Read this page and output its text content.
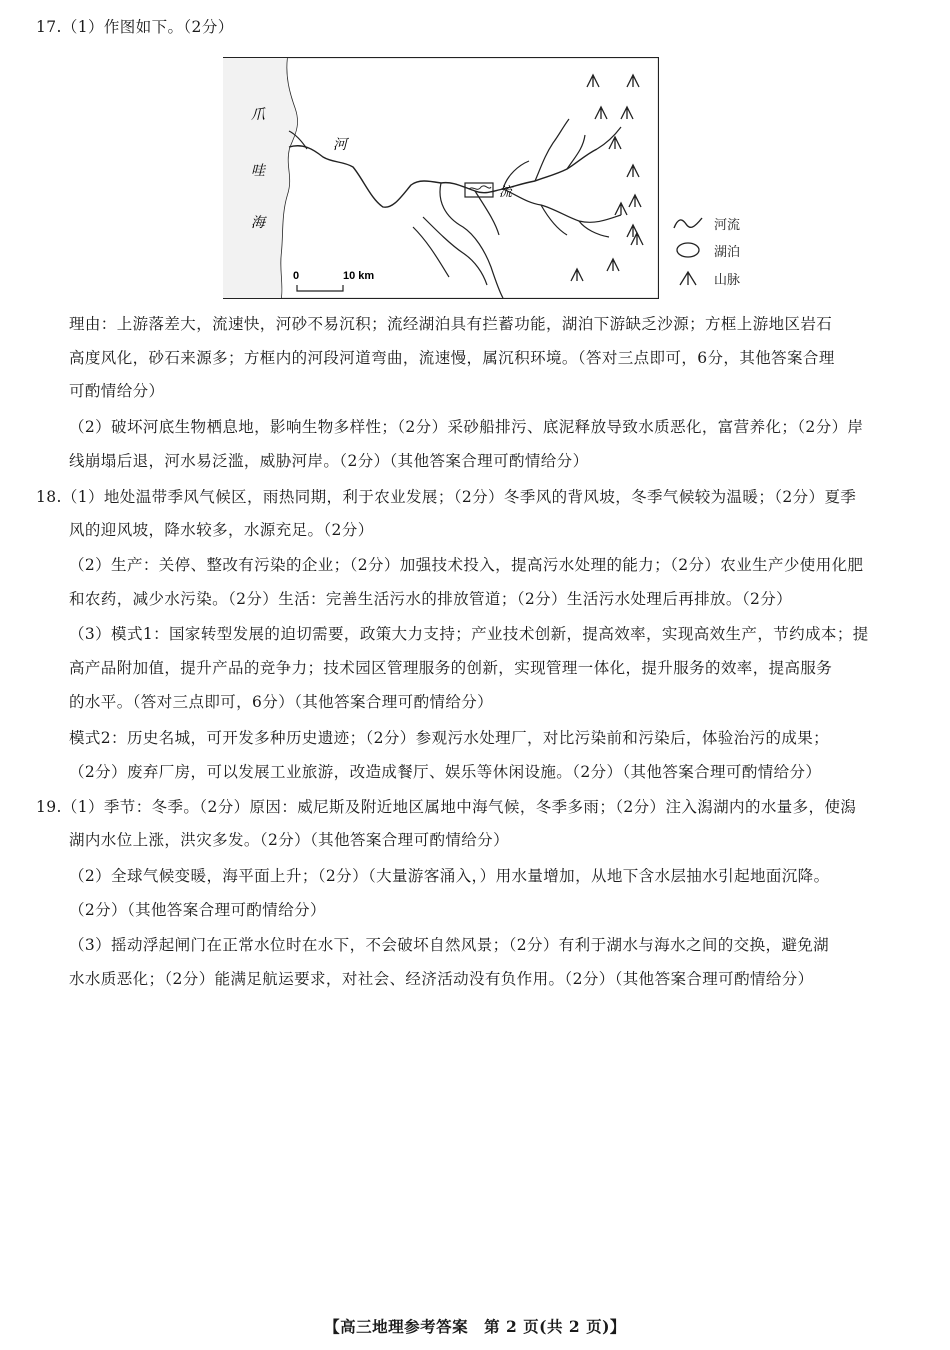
17.（1）作图如下。（2分）
爪
哇
海
河
流
0	10 km
河流
湖泊
山脉
理由：上游落差大，流速快，河砂不易沉积；流经湖泊具有拦蓄功能，湖泊下游缺乏沙源；方框上游地区岩石
高度风化，砂石来源多；方框内的河段河道弯曲，流速慢，属沉积环境。（答对三点即可，6分，其他答案合理
可酌情给分）
（2）破坏河底生物栖息地，影响生物多样性；（2分）采砂船排污、底泥释放导致水质恶化，富营养化；（2分）岸
线崩塌后退，河水易泛滥，威胁河岸。（2分）（其他答案合理可酌情给分）
18.（1）地处温带季风气候区，雨热同期，利于农业发展；（2分）冬季风的背风坡，冬季气候较为温暖；（2分）夏季
风的迎风坡，降水较多，水源充足。（2分）
（2）生产：关停、整改有污染的企业；（2分）加强技术投入，提高污水处理的能力；（2分）农业生产少使用化肥
和农药，减少水污染。（2分）生活：完善生活污水的排放管道；（2分）生活污水处理后再排放。（2分）
（3）模式1：国家转型发展的迫切需要，政策大力支持；产业技术创新，提高效率，实现高效生产，节约成本；提
高产品附加值，提升产品的竞争力；技术园区管理服务的创新，实现管理一体化，提升服务的效率，提高服务
的水平。（答对三点即可，6分）（其他答案合理可酌情给分）
模式2：历史名城，可开发多种历史遗迹；（2分）参观污水处理厂，对比污染前和污染后，体验治污的成果；
（2分）废弃厂房，可以发展工业旅游，改造成餐厅、娱乐等休闲设施。（2分）（其他答案合理可酌情给分）
19.（1）季节：冬季。（2分）原因：威尼斯及附近地区属地中海气候，冬季多雨；（2分）注入潟湖内的水量多，使潟
湖内水位上涨，洪灾多发。（2分）（其他答案合理可酌情给分）
（2）全球气候变暖，海平面上升；（2分）（大量游客涌入，）用水量增加，从地下含水层抽水引起地面沉降。
（2分）（其他答案合理可酌情给分）
（3）摇动浮起闸门在正常水位时在水下，不会破坏自然风景；（2分）有利于湖水与海水之间的交换，避免湖
水水质恶化；（2分）能满足航运要求，对社会、经济活动没有负作用。（2分）（其他答案合理可酌情给分）
【高三地理参考答案　第 2 页(共 2 页)】
